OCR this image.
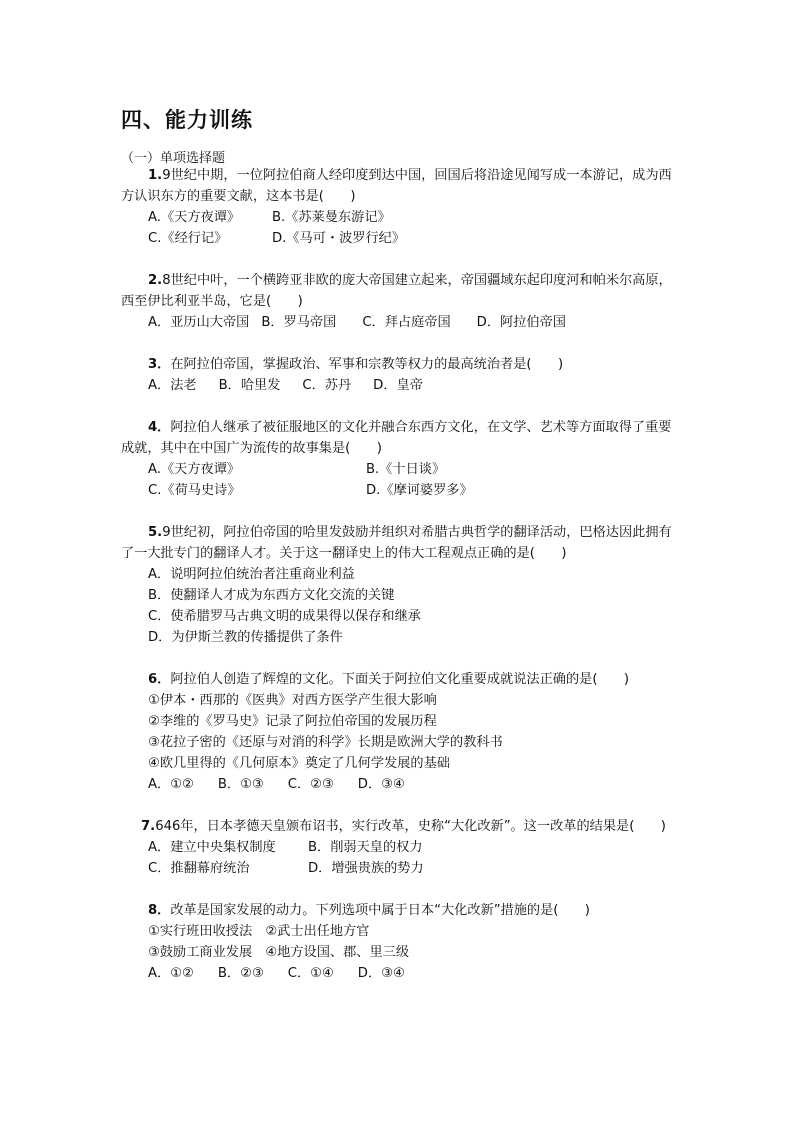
四、能力训练
（一）单项选择题

1.9世纪中期，一位阿拉伯商人经印度到达中国，回国后将沿途见闻写成一本游记，成为西方认识东方的重要文献，这本书是(　　)

A.《天方夜谭》	B.《苏莱曼东游记》
C.《经行记》	D.《马可・波罗行纪》

2.8世纪中叶，一个横跨亚非欧的庞大帝国建立起来，帝国疆域东起印度河和帕米尔高原，西至伊比利亚半岛，它是(　　)

A．亚历山大帝国 B．罗马帝国 C．拜占庭帝国 D．阿拉伯帝国

3．在阿拉伯帝国，掌握政治、军事和宗教等权力的最高统治者是(　　)

A．法老 B．哈里发 C．苏丹 D．皇帝

4．阿拉伯人继承了被征服地区的文化并融合东西方文化，在文学、艺术等方面取得了重要成就，其中在中国广为流传的故事集是(　　)

A.《天方夜谭》	B.《十日谈》
C.《荷马史诗》	D.《摩诃婆罗多》

5.9世纪初，阿拉伯帝国的哈里发鼓励并组织对希腊古典哲学的翻译活动，巴格达因此拥有了一大批专门的翻译人才。关于这一翻译史上的伟大工程观点正确的是(　　)

A．说明阿拉伯统治者注重商业利益

B．使翻译人才成为东西方文化交流的关键

C．使希腊罗马古典文明的成果得以保存和继承

D．为伊斯兰教的传播提供了条件

6．阿拉伯人创造了辉煌的文化。下面关于阿拉伯文化重要成就说法正确的是(　　)

①伊本・西那的《医典》对西方医学产生很大影响

②李维的《罗马史》记录了阿拉伯帝国的发展历程

③花拉子密的《还原与对消的科学》长期是欧洲大学的教科书

④欧几里得的《几何原本》奠定了几何学发展的基础

A．①② B．①③ C．②③ D．③④

7.646年，日本孝德天皇颁布诏书，实行改革，史称“大化改新”。这一改革的结果是(　　)

A．建立中央集权制度	B．削弱天皇的权力
C．推翻幕府统治	D．增强贵族的势力

8．改革是国家发展的动力。下列选项中属于日本“大化改新”措施的是(　　)

①实行班田收授法　②武士出任地方官

③鼓励工商业发展　④地方设国、郡、里三级

A．①② B．②③ C．①④ D．③④
